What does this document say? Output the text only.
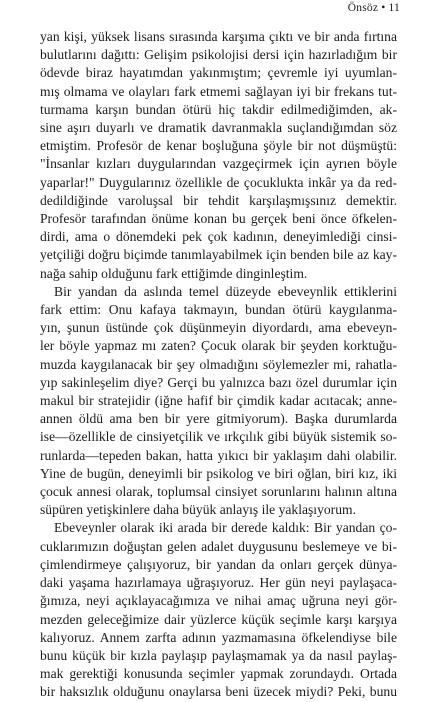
Önsöz • 11

yan kişi, yüksek lisans sırasında karşıma çıktı ve bir anda fırtına
bulutlarını dağıttı: Gelişim psikolojisi dersi için hazırladığım bir
ödevde biraz hayatımdan yakınmıştım; çevremle iyi uyumlan-
mış olmama ve olayları fark etmemi sağlayan iyi bir frekans tut-
turmama karşın bundan ötürü hiç takdir edilmediğimden, ak-
sine aşırı duyarlı ve dramatik davranmakla suçlandığımdan söz
etmiştim. Profesör de kenar boşluğuna şöyle bir not düşmüştü:
"İnsanlar kızları duygularından vazgeçirmek için ayrıen böyle
yaparlar!" Duygularınız özellikle de çocuklukta inkâr ya da red-
dedildiğinde varoluşsal bir tehdit karşılaşmışsınız demektir.
Profesör tarafından önüme konan bu gerçek beni önce öfkelen-
dirdi, ama o dönemdeki pek çok kadının, deneyimlediği cinsi-
yetçiliği doğru biçimde tanımlayabilmek için benden bile az kay-
nağa sahip olduğunu fark ettiğimde dinginleştim.

Bir yandan da aslında temel düzeyde ebeveynlik ettiklerini
fark ettim: Onu kafaya takmayın, bundan ötürü kaygılanma-
yın, şunun üstünde çok düşünmeyin diyordardı, ama ebeveyn-
ler böyle yapmaz mı zaten? Çocuk olarak bir şeyden korktuğu-
muzda kaygılanacak bir şey olmadığını söylemezler mi, rahatla-
yıp sakinleşelim diye? Gerçi bu yalnızca bazı özel durumlar için
makul bir stratejidir (iğne hafif bir çimdik kadar acıtacak; anne-
annen öldü ama ben bir yere gitmiyorum). Başka durumlarda
ise—özellikle de cinsiyetçilik ve ırkçılık gibi büyük sistemik so-
runlarda—tepeden bakan, hatta yıkıcı bir yaklaşım dahi olabilir.
Yine de bugün, deneyimli bir psikolog ve biri oğlan, biri kız, iki
çocuk annesi olarak, toplumsal cinsiyet sorunlarını halının altına
süpüren yetişkinlere daha büyük anlayış ile yaklaşıyorum.

Ebeveynler olarak iki arada bir derede kaldık: Bir yandan ço-
cuklarımızın doğuştan gelen adalet duygusunu beslemeye ve bi-
çimlendirmeye çalışıyoruz, bir yandan da onları gerçek dünya-
daki yaşama hazırlamaya uğraşıyoruz. Her gün neyi paylaşaca-
ğımıza, neyi açıklayacağımıza ve nihai amaç uğruna neyi gör-
mezden geleceğimize dair yüzlerce küçük seçimle karşı karşıya
kalıyoruz. Annem zarfta adının yazmamasına öfkelendiyse bile
bunu küçük bir kızla paylaşıp paylaşmamak ya da nasıl paylaş-
mak gerektiği konusunda seçimler yapmak zorundaydı. Ortada
bir haksızlık olduğunu onaylarsa beni üzecek miydi? Peki, bunu
